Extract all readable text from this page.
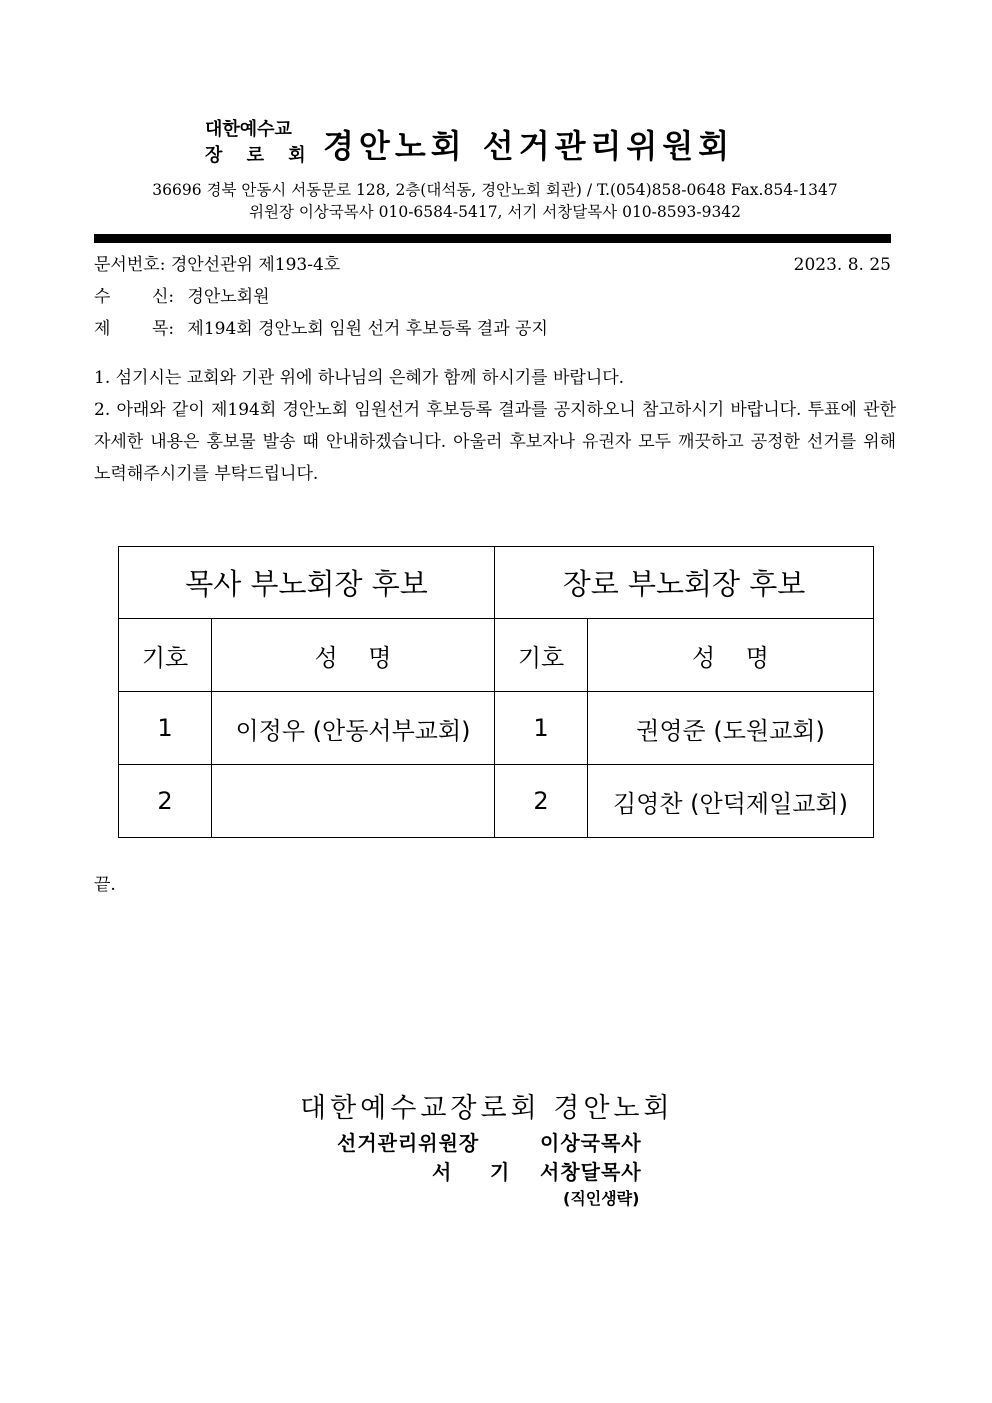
대한예수교
장 로 회 경안노회 선거관리위원회
36696 경북 안동시 서동문로 128, 2층(대석동, 경안노회 회관) / T.(054)858-0648 Fax.854-1347
위원장 이상국목사 010-6584-5417, 서기 서창달목사 010-8593-9342
문서번호: 경안선관위 제193-4호	2023. 8. 25
수 신: 경안노회원
제 목: 제194회 경안노회 임원 선거 후보등록 결과 공지
1. 섬기시는 교회와 기관 위에 하나님의 은혜가 함께 하시기를 바랍니다.
2. 아래와 같이 제194회 경안노회 임원선거 후보등록 결과를 공지하오니 참고하시기 바랍니다. 투표에 관한 자세한 내용은 홍보물 발송 때 안내하겠습니다. 아울러 후보자나 유권자 모두 깨끗하고 공정한 선거를 위해 노력해주시기를 부탁드립니다.
목사 부노회장 후보		장로 부노회장 후보	
기호	성    명	기호	성    명
1	이정우 (안동서부교회)	1	권영준 (도원교회)
2		2	김영찬 (안덕제일교회)
끝.
대한예수교장로회 경안노회
선거관리위원장	이상국목사
서 기 서창달목사
(직인생략)
